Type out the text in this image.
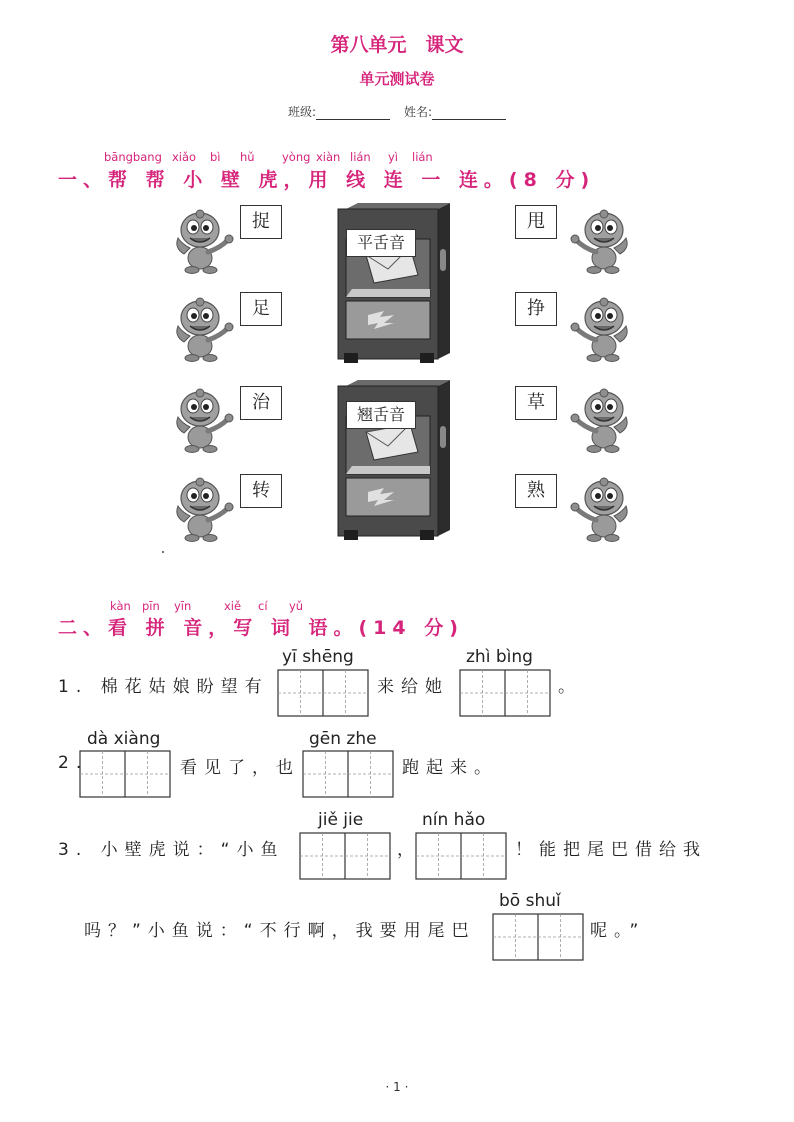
第八单元　课文
单元测试卷
班级:	姓名:
bāngbang xiǎo bì hǔ yòng xiàn lián yì lián
一、帮 帮 小 壁 虎，用 线 连 一 连。(8 分)
捉
足
治
转
甩
挣
草
熟
平舌音
翘舌音
kàn pīn yīn	xiě cí yǔ
二、看 拼 音，写 词 语。(14 分)
yī shēng	zhì bìng
1. 棉花姑娘盼望有	来给她	。
dà xiàng	gēn zhe
2.	看见了，也	跑起来。
jiě jie	nín hǎo
3. 小壁虎说：“小鱼	，	！能把尾巴借给我
bō shuǐ
吗？”小鱼说：“不行啊，我要用尾巴	呢。”
· 1 ·
